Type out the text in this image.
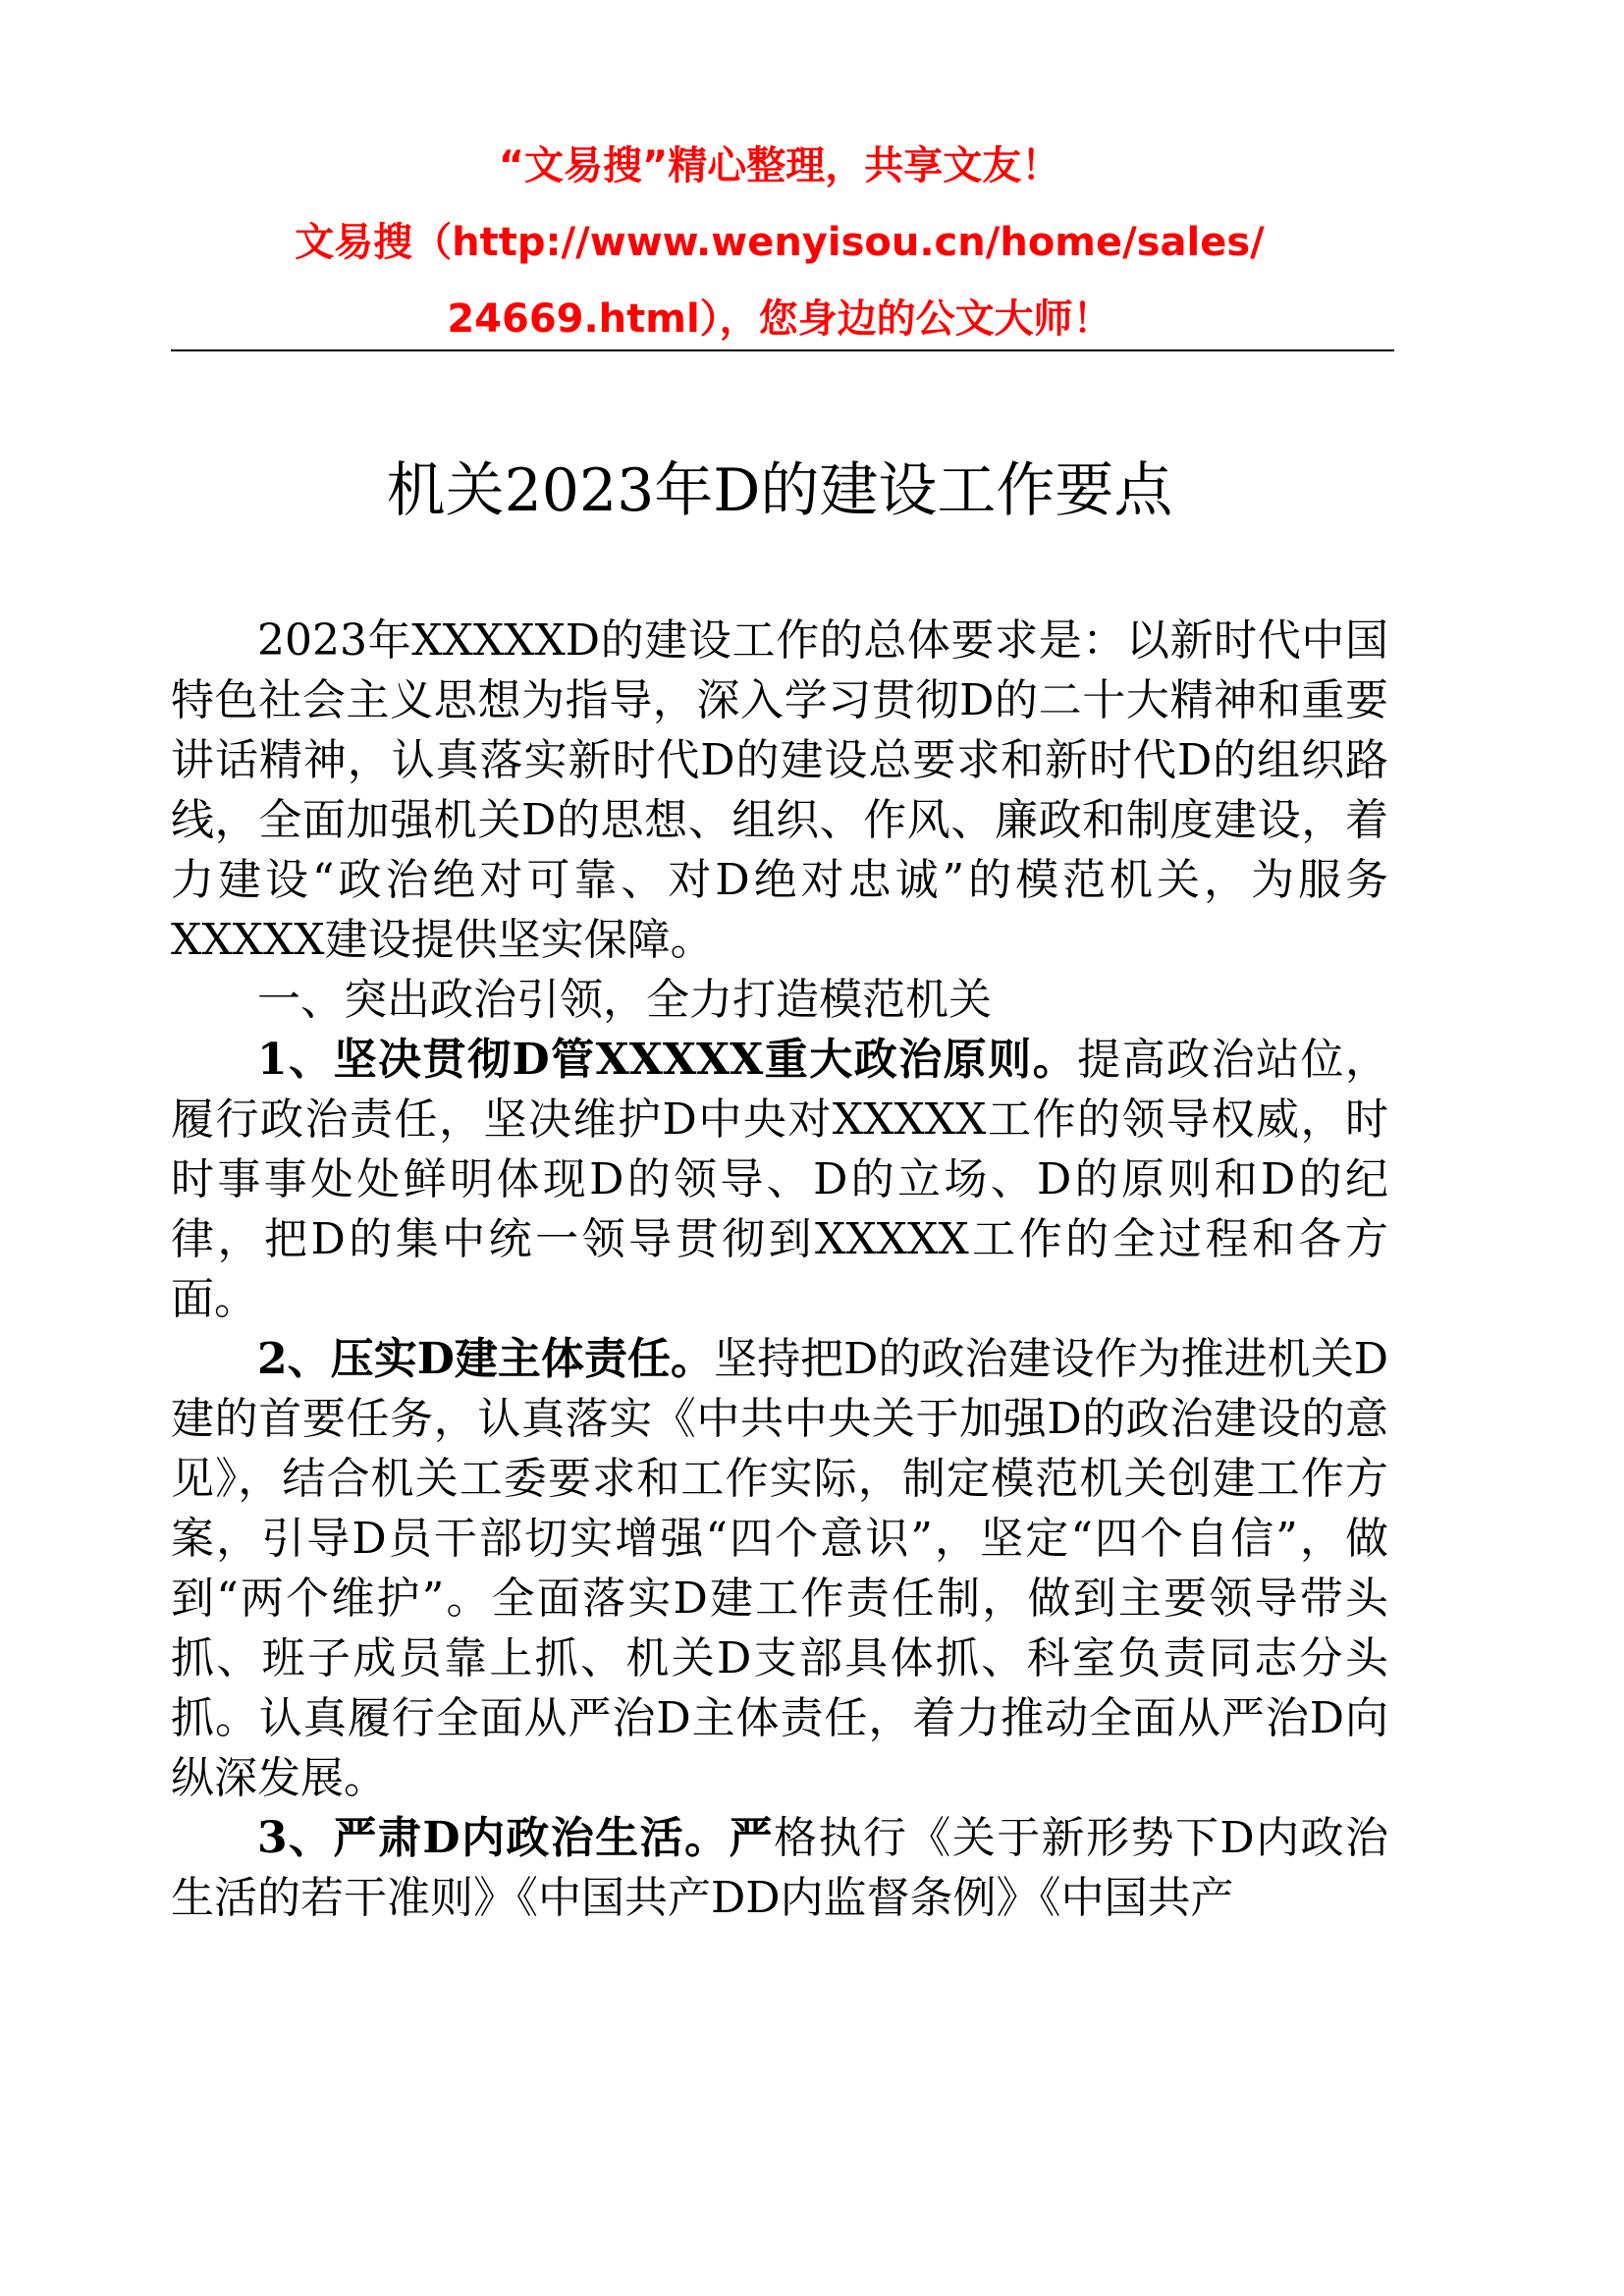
“文易搜”精心整理，共享文友！
文易搜（http://www.wenyisou.cn/home/sales/
24669.html），您身边的公文大师！
机关2023年D的建设工作要点

2023年XXXXXD的建设工作的总体要求是：以新时代中国特色社会主义思想为指导，深入学习贯彻D的二十大精神和重要讲话精神，认真落实新时代D的建设总要求和新时代D的组织路线，全面加强机关D的思想、组织、作风、廉政和制度建设，着力建设“政治绝对可靠、对D绝对忠诚”的模范机关，为服务XXXXX建设提供坚实保障。

一、突出政治引领，全力打造模范机关

1、坚决贯彻D管XXXXX重大政治原则。提高政治站位，履行政治责任，坚决维护D中央对XXXXX工作的领导权威，时时事事处处鲜明体现D的领导、D的立场、D的原则和D的纪律，把D的集中统一领导贯彻到XXXXX工作的全过程和各方面。

2、压实D建主体责任。坚持把D的政治建设作为推进机关D建的首要任务，认真落实《中共中央关于加强D的政治建设的意见》，结合机关工委要求和工作实际，制定模范机关创建工作方案，引导D员干部切实增强“四个意识”，坚定“四个自信”，做到“两个维护”。全面落实D建工作责任制，做到主要领导带头抓、班子成员靠上抓、机关D支部具体抓、科室负责同志分头抓。认真履行全面从严治D主体责任，着力推动全面从严治D向纵深发展。

3、严肃D内政治生活。严格执行《关于新形势下D内政治生活的若干准则》《中国共产DD内监督条例》《中国共产
